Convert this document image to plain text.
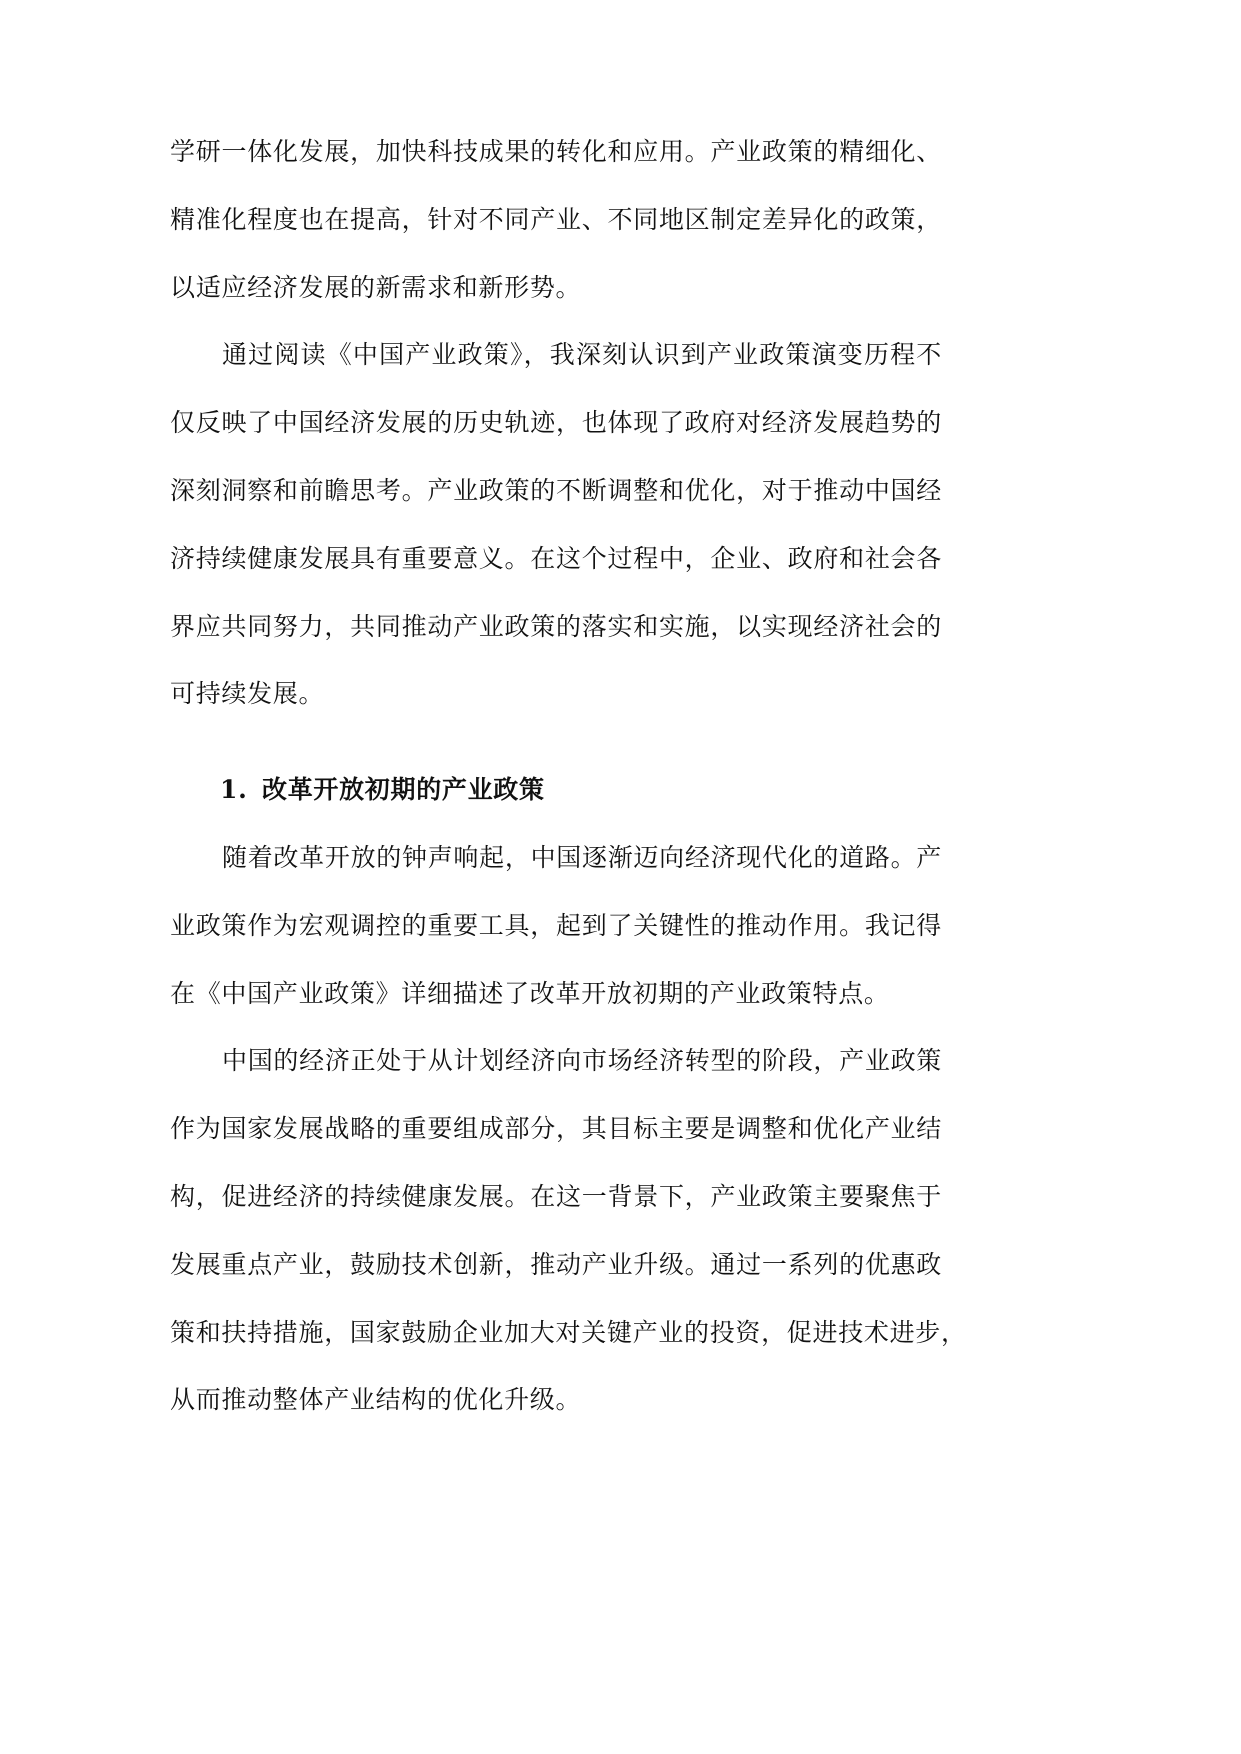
学研一体化发展，加快科技成果的转化和应用。产业政策的精细化、
精准化程度也在提高，针对不同产业、不同地区制定差异化的政策，
以适应经济发展的新需求和新形势。
通过阅读《中国产业政策》，我深刻认识到产业政策演变历程不
仅反映了中国经济发展的历史轨迹，也体现了政府对经济发展趋势的
深刻洞察和前瞻思考。产业政策的不断调整和优化，对于推动中国经
济持续健康发展具有重要意义。在这个过程中，企业、政府和社会各
界应共同努力，共同推动产业政策的落实和实施，以实现经济社会的
可持续发展。
1. 改革开放初期的产业政策
随着改革开放的钟声响起，中国逐渐迈向经济现代化的道路。产
业政策作为宏观调控的重要工具，起到了关键性的推动作用。我记得
在《中国产业政策》详细描述了改革开放初期的产业政策特点。
中国的经济正处于从计划经济向市场经济转型的阶段，产业政策
作为国家发展战略的重要组成部分，其目标主要是调整和优化产业结
构，促进经济的持续健康发展。在这一背景下，产业政策主要聚焦于
发展重点产业，鼓励技术创新，推动产业升级。通过一系列的优惠政
策和扶持措施，国家鼓励企业加大对关键产业的投资，促进技术进步，
从而推动整体产业结构的优化升级。
